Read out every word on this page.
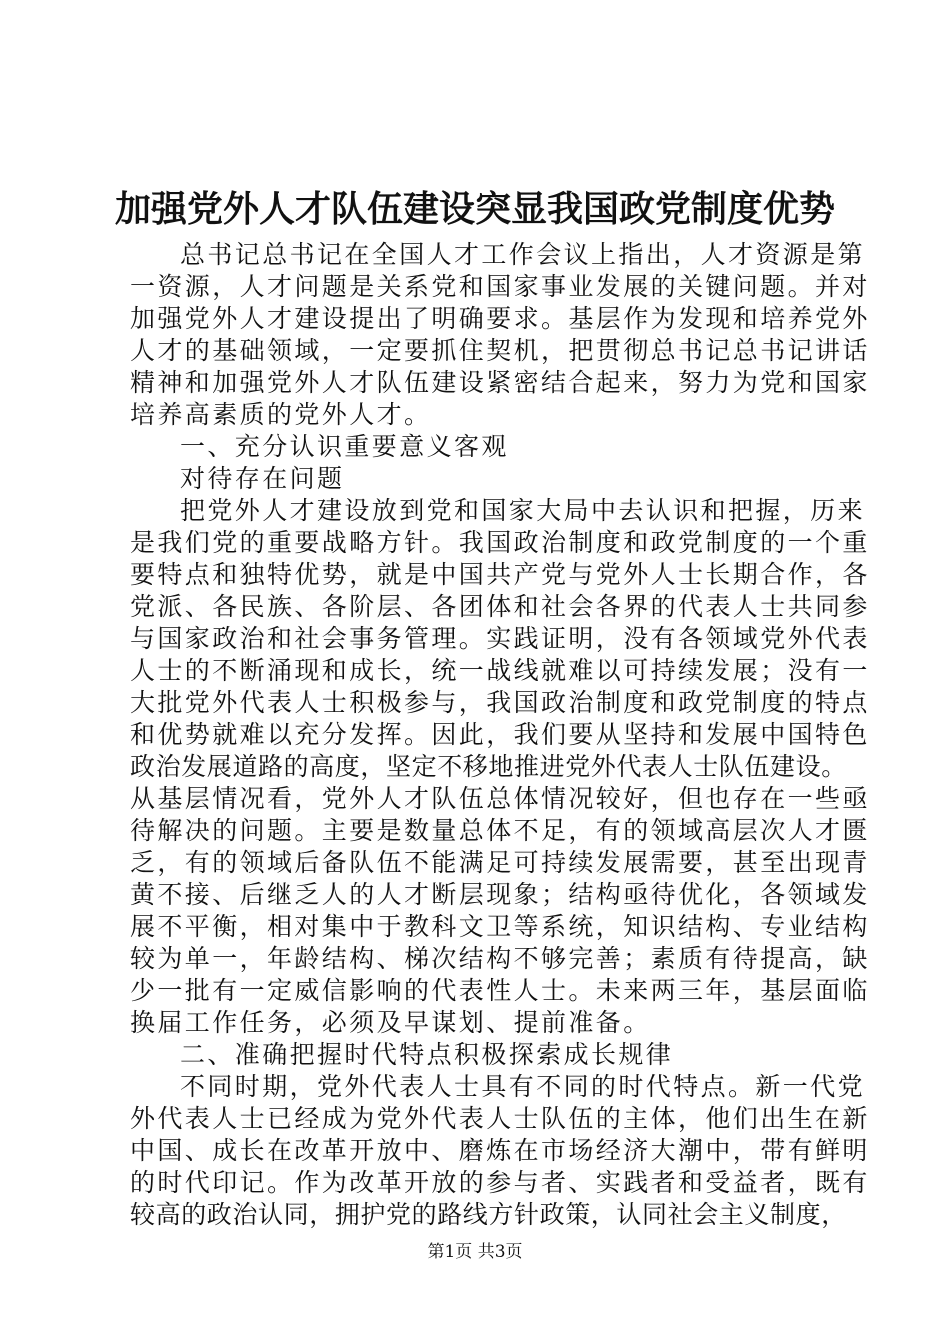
加强党外人才队伍建设突显我国政党制度优势
总书记总书记在全国人才工作会议上指出，人才资源是第
一资源，人才问题是关系党和国家事业发展的关键问题。并对
加强党外人才建设提出了明确要求。基层作为发现和培养党外
人才的基础领域，一定要抓住契机，把贯彻总书记总书记讲话
精神和加强党外人才队伍建设紧密结合起来，努力为党和国家
培养高素质的党外人才。
一、充分认识重要意义客观
对待存在问题
把党外人才建设放到党和国家大局中去认识和把握，历来
是我们党的重要战略方针。我国政治制度和政党制度的一个重
要特点和独特优势，就是中国共产党与党外人士长期合作，各
党派、各民族、各阶层、各团体和社会各界的代表人士共同参
与国家政治和社会事务管理。实践证明，没有各领域党外代表
人士的不断涌现和成长，统一战线就难以可持续发展；没有一
大批党外代表人士积极参与，我国政治制度和政党制度的特点
和优势就难以充分发挥。因此，我们要从坚持和发展中国特色
政治发展道路的高度，坚定不移地推进党外代表人士队伍建设。
从基层情况看，党外人才队伍总体情况较好，但也存在一些亟
待解决的问题。主要是数量总体不足，有的领域高层次人才匮
乏，有的领域后备队伍不能满足可持续发展需要，甚至出现青
黄不接、后继乏人的人才断层现象；结构亟待优化，各领域发
展不平衡，相对集中于教科文卫等系统，知识结构、专业结构
较为单一，年龄结构、梯次结构不够完善；素质有待提高，缺
少一批有一定威信影响的代表性人士。未来两三年，基层面临
换届工作任务，必须及早谋划、提前准备。
二、准确把握时代特点积极探索成长规律
不同时期，党外代表人士具有不同的时代特点。新一代党
外代表人士已经成为党外代表人士队伍的主体，他们出生在新
中国、成长在改革开放中、磨炼在市场经济大潮中，带有鲜明
的时代印记。作为改革开放的参与者、实践者和受益者，既有
较高的政治认同，拥护党的路线方针政策，认同社会主义制度，
第1页 共3页
